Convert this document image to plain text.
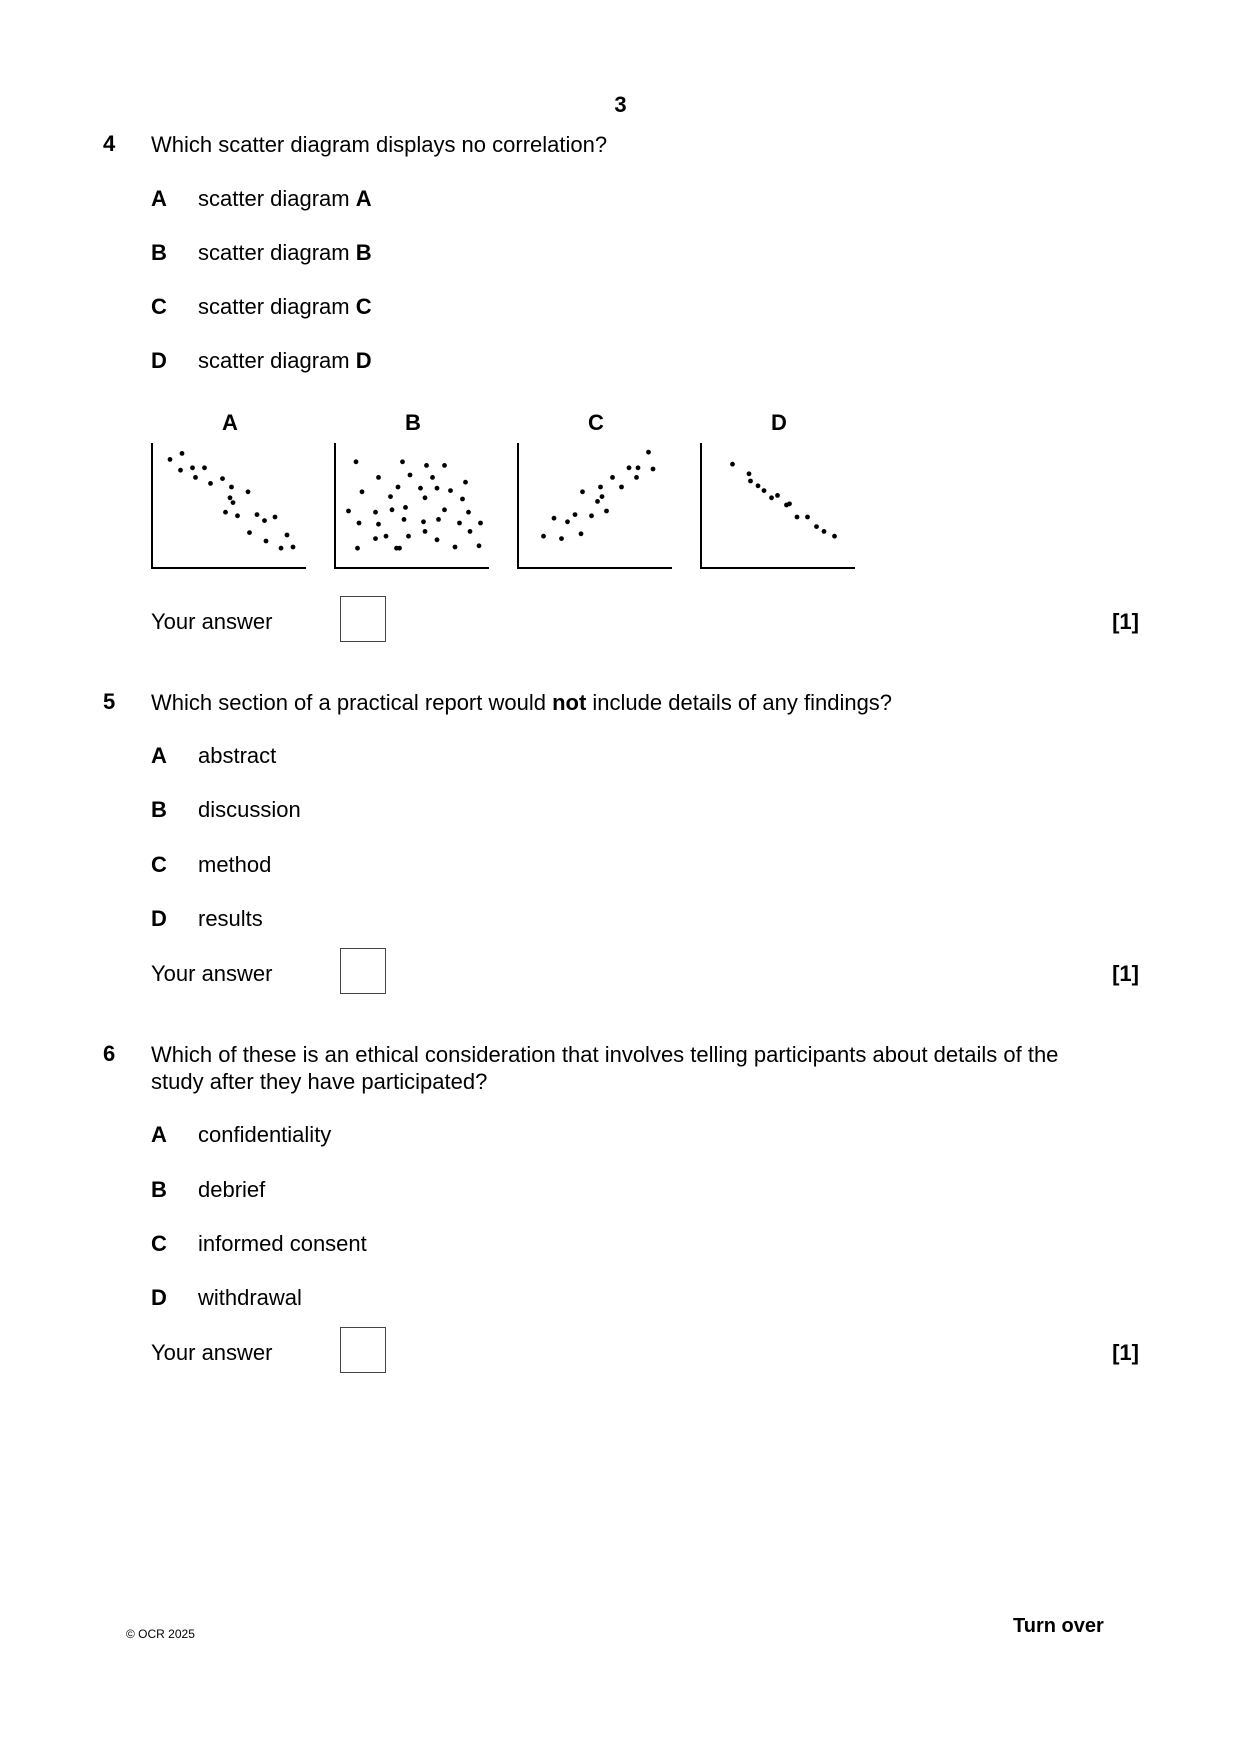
3
4 Which scatter diagram displays no correlation?
A scatter diagram A
B scatter diagram B
C scatter diagram C
D scatter diagram D
A	B	C	D
Your answer	[1]
5 Which section of a practical report would not include details of any findings?
A abstract
B discussion
C method
D results
Your answer	[1]
6 Which of these is an ethical consideration that involves telling participants about details of the study after they have participated?
A confidentiality
B debrief
C informed consent
D withdrawal
Your answer	[1]
© OCR 2025	Turn over
